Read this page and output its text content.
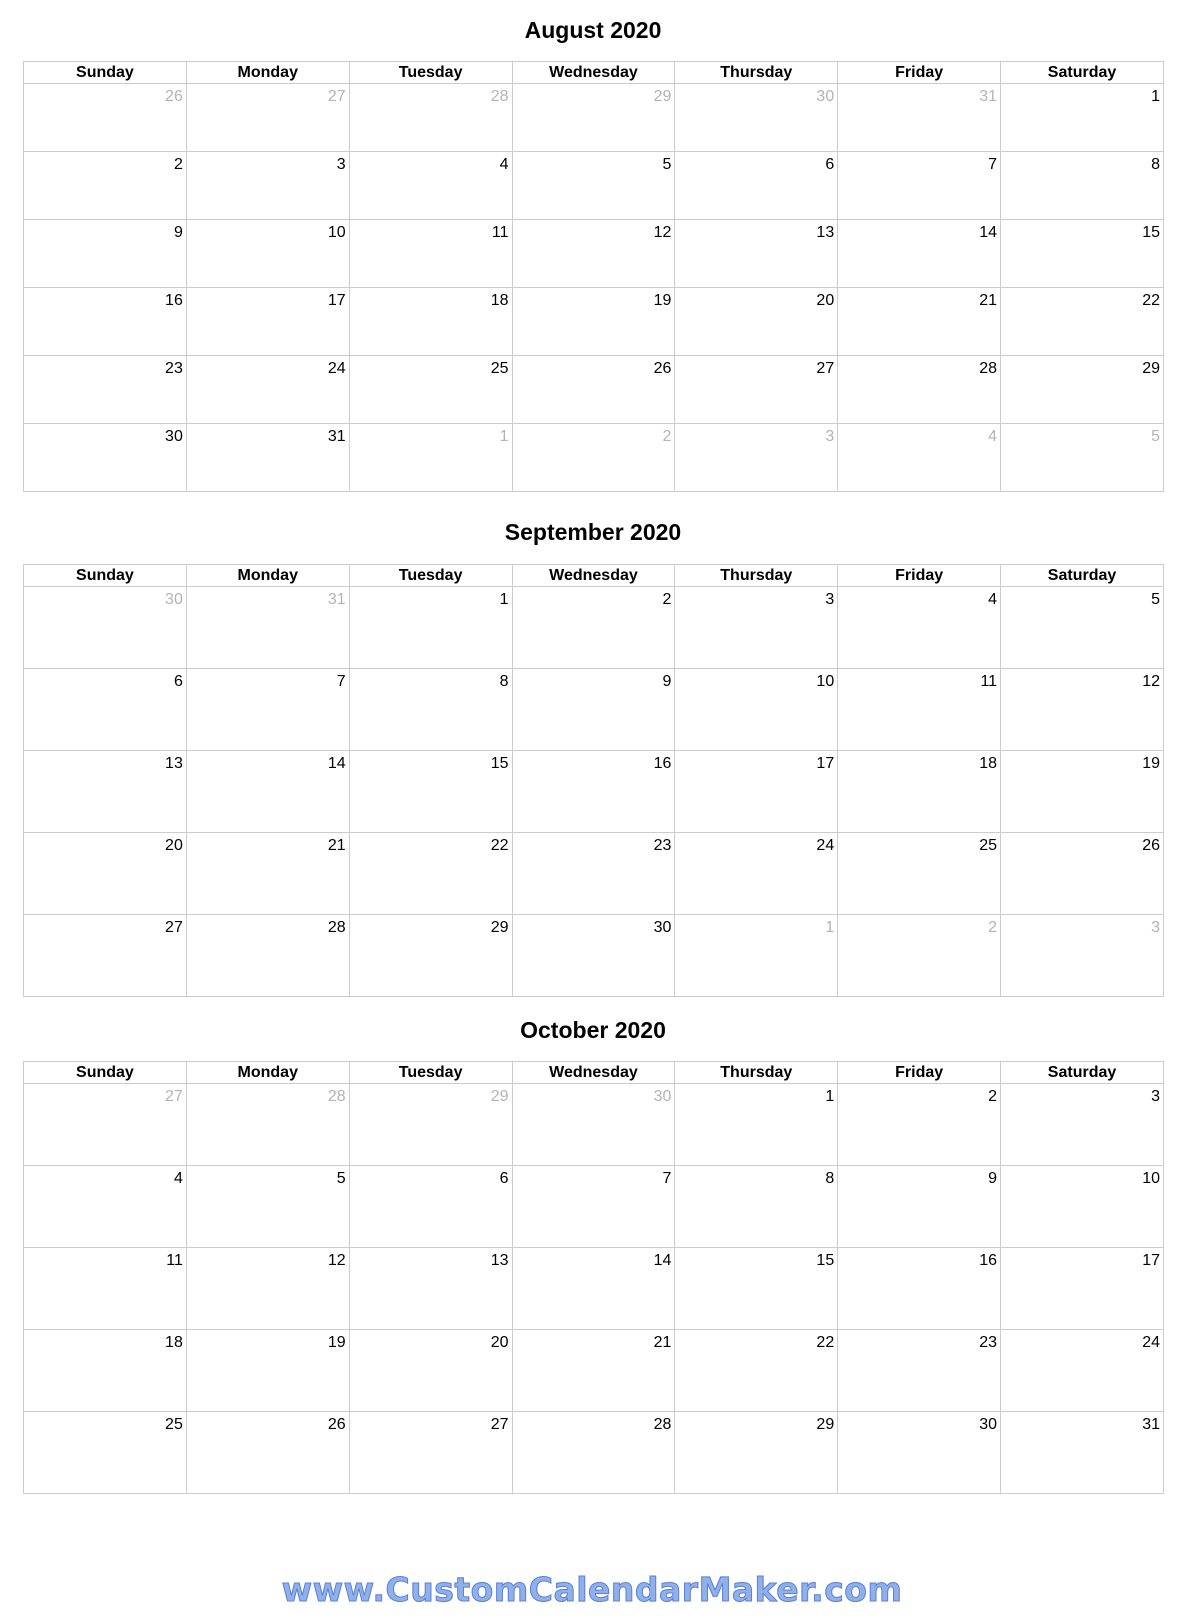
August 2020
Sunday	Monday	Tuesday	Wednesday	Thursday	Friday	Saturday
26	27	28	29	30	31	1
2	3	4	5	6	7	8
9	10	11	12	13	14	15
16	17	18	19	20	21	22
23	24	25	26	27	28	29
30	31	1	2	3	4	5
September 2020
Sunday	Monday	Tuesday	Wednesday	Thursday	Friday	Saturday
30	31	1	2	3	4	5
6	7	8	9	10	11	12
13	14	15	16	17	18	19
20	21	22	23	24	25	26
27	28	29	30	1	2	3
October 2020
Sunday	Monday	Tuesday	Wednesday	Thursday	Friday	Saturday
27	28	29	30	1	2	3
4	5	6	7	8	9	10
11	12	13	14	15	16	17
18	19	20	21	22	23	24
25	26	27	28	29	30	31
www.CustomCalendarMaker.com
